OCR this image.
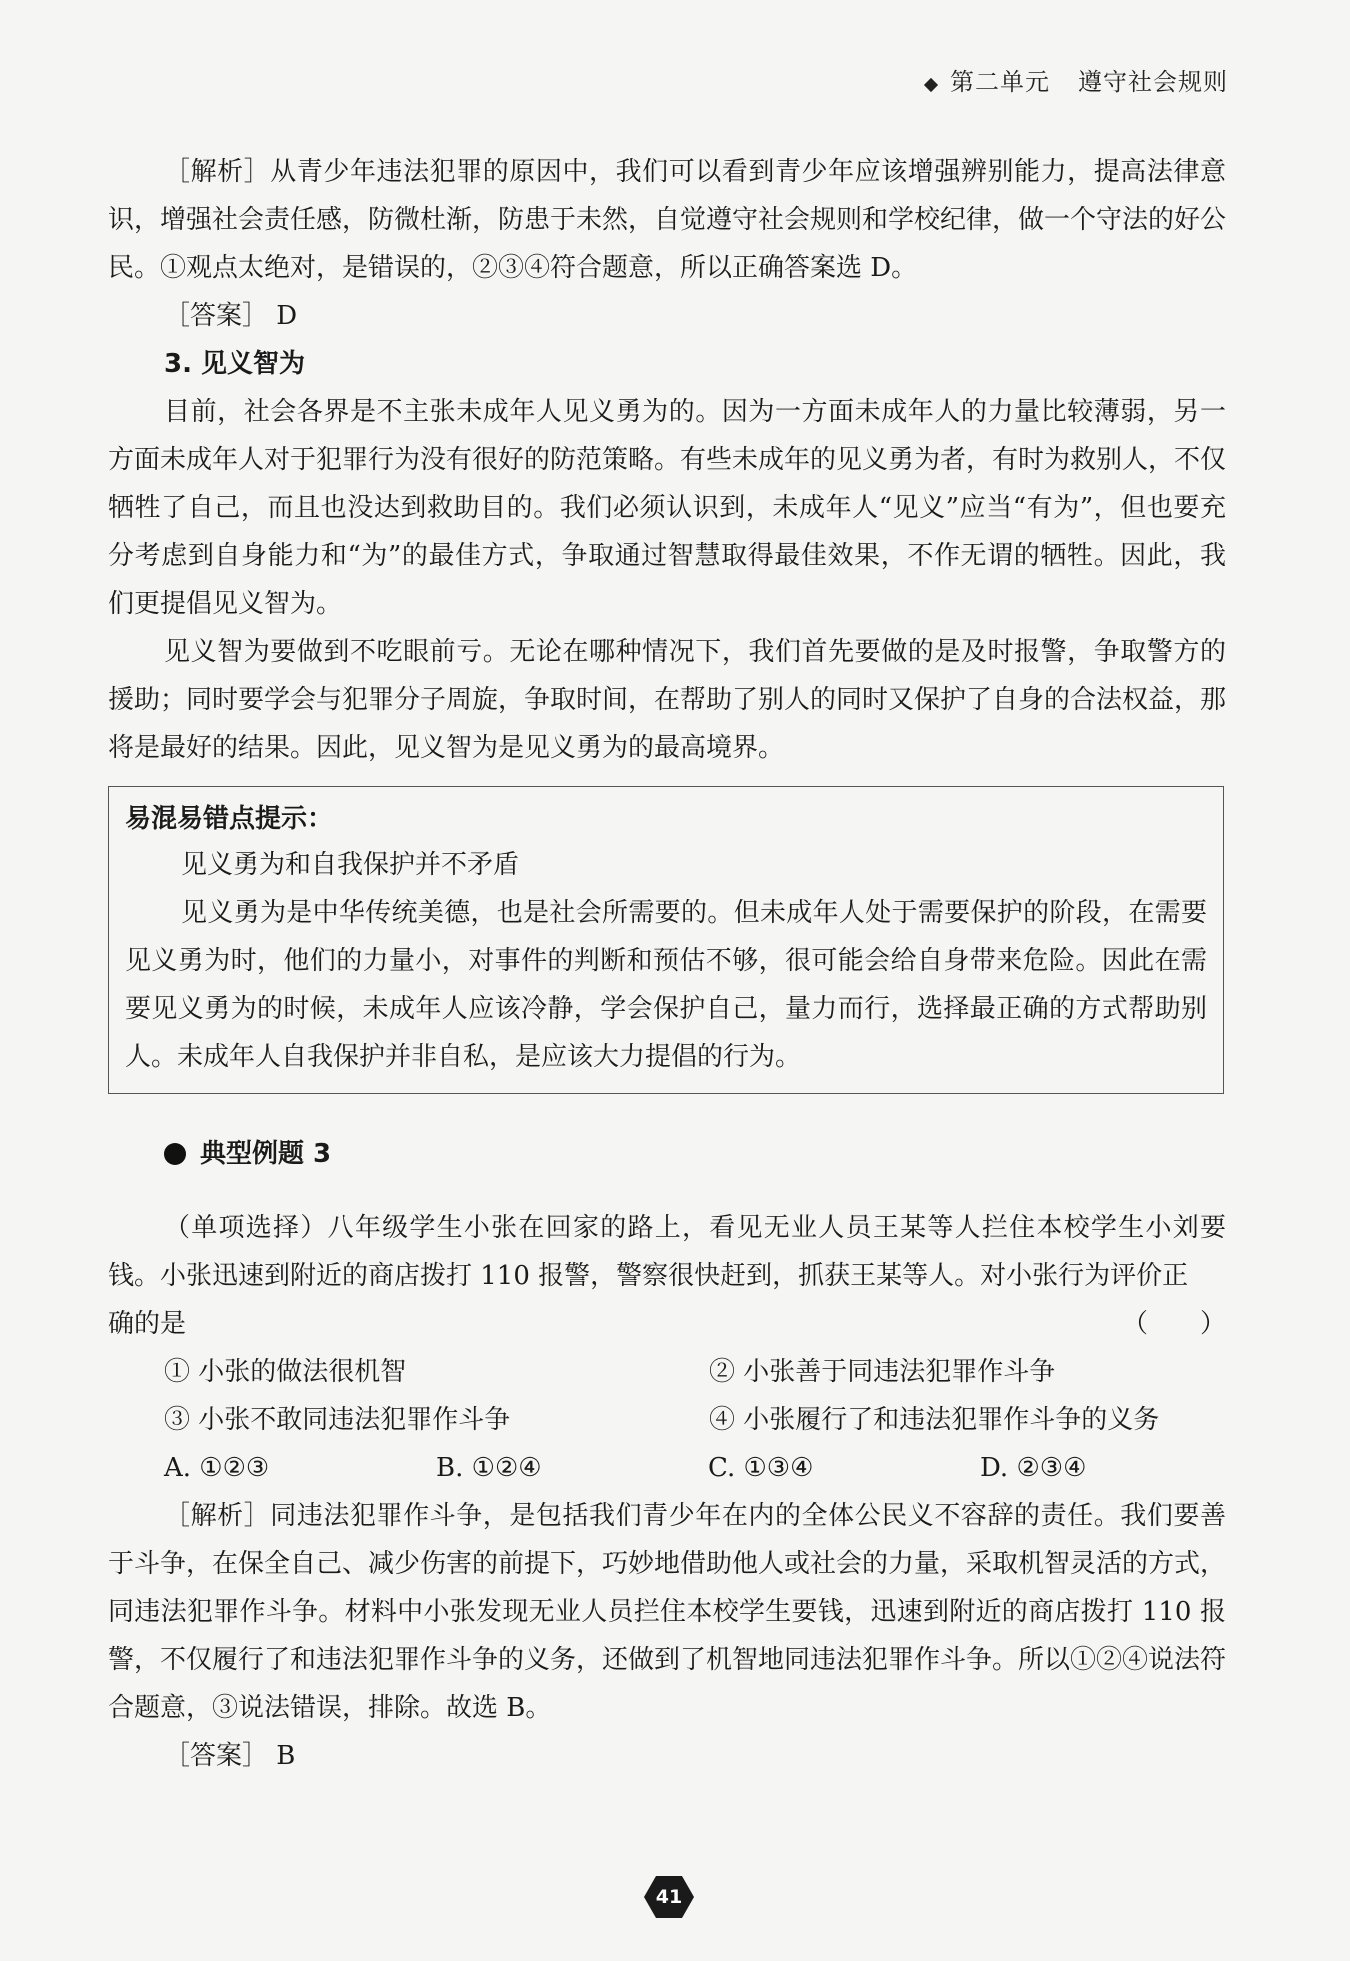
第二单元 遵守社会规则

［解析］从青少年违法犯罪的原因中，我们可以看到青少年应该增强辨别能力，提高法律意识，增强社会责任感，防微杜渐，防患于未然，自觉遵守社会规则和学校纪律，做一个守法的好公民。①观点太绝对，是错误的，②③④符合题意，所以正确答案选 D。

［答案］ D

3. 见义智为

目前，社会各界是不主张未成年人见义勇为的。因为一方面未成年人的力量比较薄弱，另一方面未成年人对于犯罪行为没有很好的防范策略。有些未成年的见义勇为者，有时为救别人，不仅牺牲了自己，而且也没达到救助目的。我们必须认识到，未成年人“见义”应当“有为”，但也要充分考虑到自身能力和“为”的最佳方式，争取通过智慧取得最佳效果，不作无谓的牺牲。因此，我们更提倡见义智为。

见义智为要做到不吃眼前亏。无论在哪种情况下，我们首先要做的是及时报警，争取警方的援助；同时要学会与犯罪分子周旋，争取时间，在帮助了别人的同时又保护了自身的合法权益，那将是最好的结果。因此，见义智为是见义勇为的最高境界。

易混易错点提示：
见义勇为和自我保护并不矛盾

见义勇为是中华传统美德，也是社会所需要的。但未成年人处于需要保护的阶段，在需要见义勇为时，他们的力量小，对事件的判断和预估不够，很可能会给自身带来危险。因此在需要见义勇为的时候，未成年人应该冷静，学会保护自己，量力而行，选择最正确的方式帮助别人。未成年人自我保护并非自私，是应该大力提倡的行为。

典型例题 3

（单项选择）八年级学生小张在回家的路上，看见无业人员王某等人拦住本校学生小刘要钱。小张迅速到附近的商店拨打 110 报警，警察很快赶到，抓获王某等人。对小张行为评价正

确的是	（　　）
① 小张的做法很机智	② 小张善于同违法犯罪作斗争
③ 小张不敢同违法犯罪作斗争	④ 小张履行了和违法犯罪作斗争的义务
A. ①②③	B. ①②④	C. ①③④	D. ②③④

［解析］同违法犯罪作斗争，是包括我们青少年在内的全体公民义不容辞的责任。我们要善于斗争，在保全自己、减少伤害的前提下，巧妙地借助他人或社会的力量，采取机智灵活的方式，同违法犯罪作斗争。材料中小张发现无业人员拦住本校学生要钱，迅速到附近的商店拨打 110 报警，不仅履行了和违法犯罪作斗争的义务，还做到了机智地同违法犯罪作斗争。所以①②④说法符合题意，③说法错误，排除。故选 B。

［答案］ B

41
